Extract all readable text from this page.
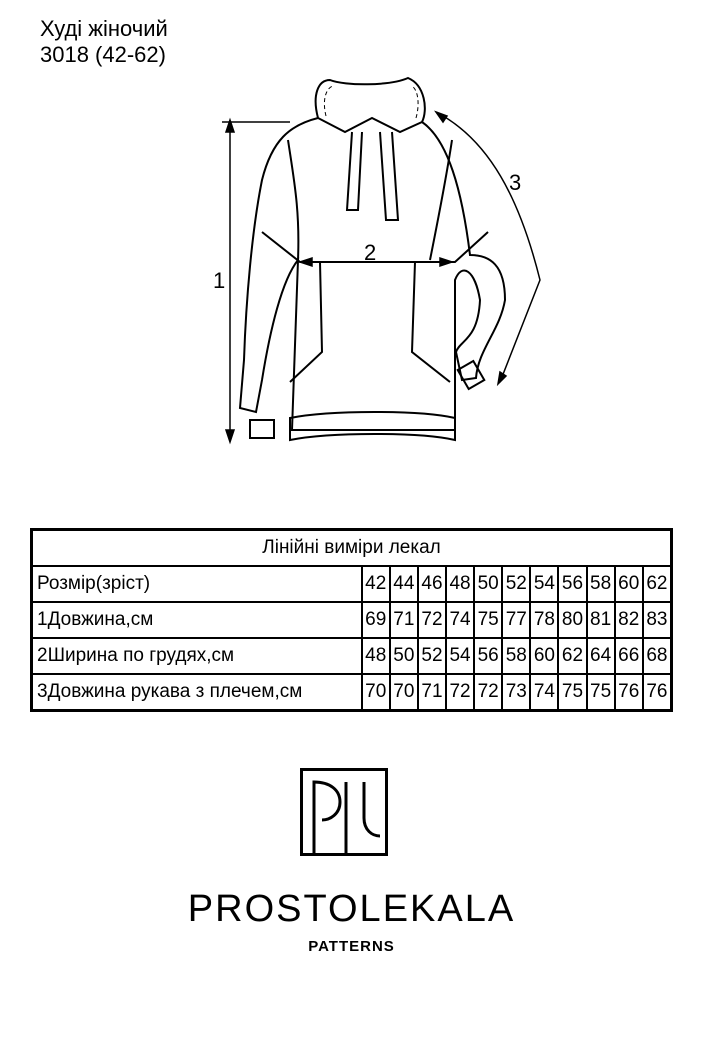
Худі жіночий
3018 (42-62)
1
2
3
Лінійні виміри лекал											
Розмір(зріст)	42	44	46	48	50	52	54	56	58	60	62
1Довжина,см	69	71	72	74	75	77	78	80	81	82	83
2Ширина по грудях,см	48	50	52	54	56	58	60	62	64	66	68
3Довжина рукава з плечем,см	70	70	71	72	72	73	74	75	75	76	76
PROSTOLEKALA
PATTERNS
